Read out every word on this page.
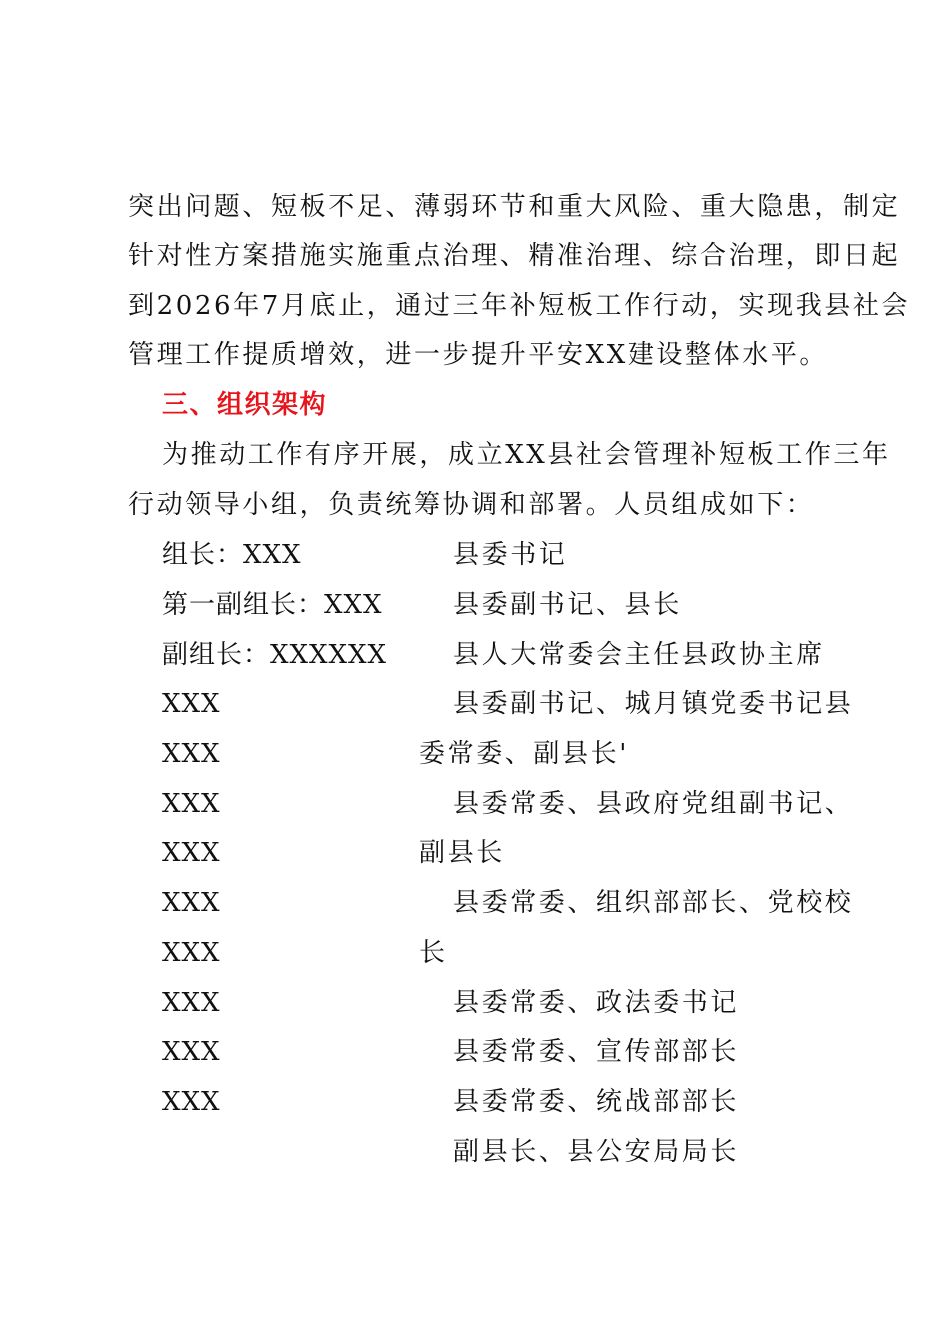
突出问题、短板不足、薄弱环节和重大风险、重大隐患，制定
针对性方案措施实施重点治理、精准治理、综合治理，即日起
到2026年7月底止，通过三年补短板工作行动，实现我县社会
管理工作提质增效，进一步提升平安XX建设整体水平。
三、组织架构
为推动工作有序开展，成立XX县社会管理补短板工作三年
行动领导小组，负责统筹协调和部署。人员组成如下：
组长：XXX
第一副组长：XXX
副组长：XXXXXX
XXX
XXX
XXX
XXX
XXX
XXX
XXX
XXX
XXX
县委书记
县委副书记、县长
县人大常委会主任县政协主席
县委副书记、城月镇党委书记县
委常委、副县长'
县委常委、县政府党组副书记、
副县长
县委常委、组织部部长、党校校
长
县委常委、政法委书记
县委常委、宣传部部长
县委常委、统战部部长
副县长、县公安局局长
